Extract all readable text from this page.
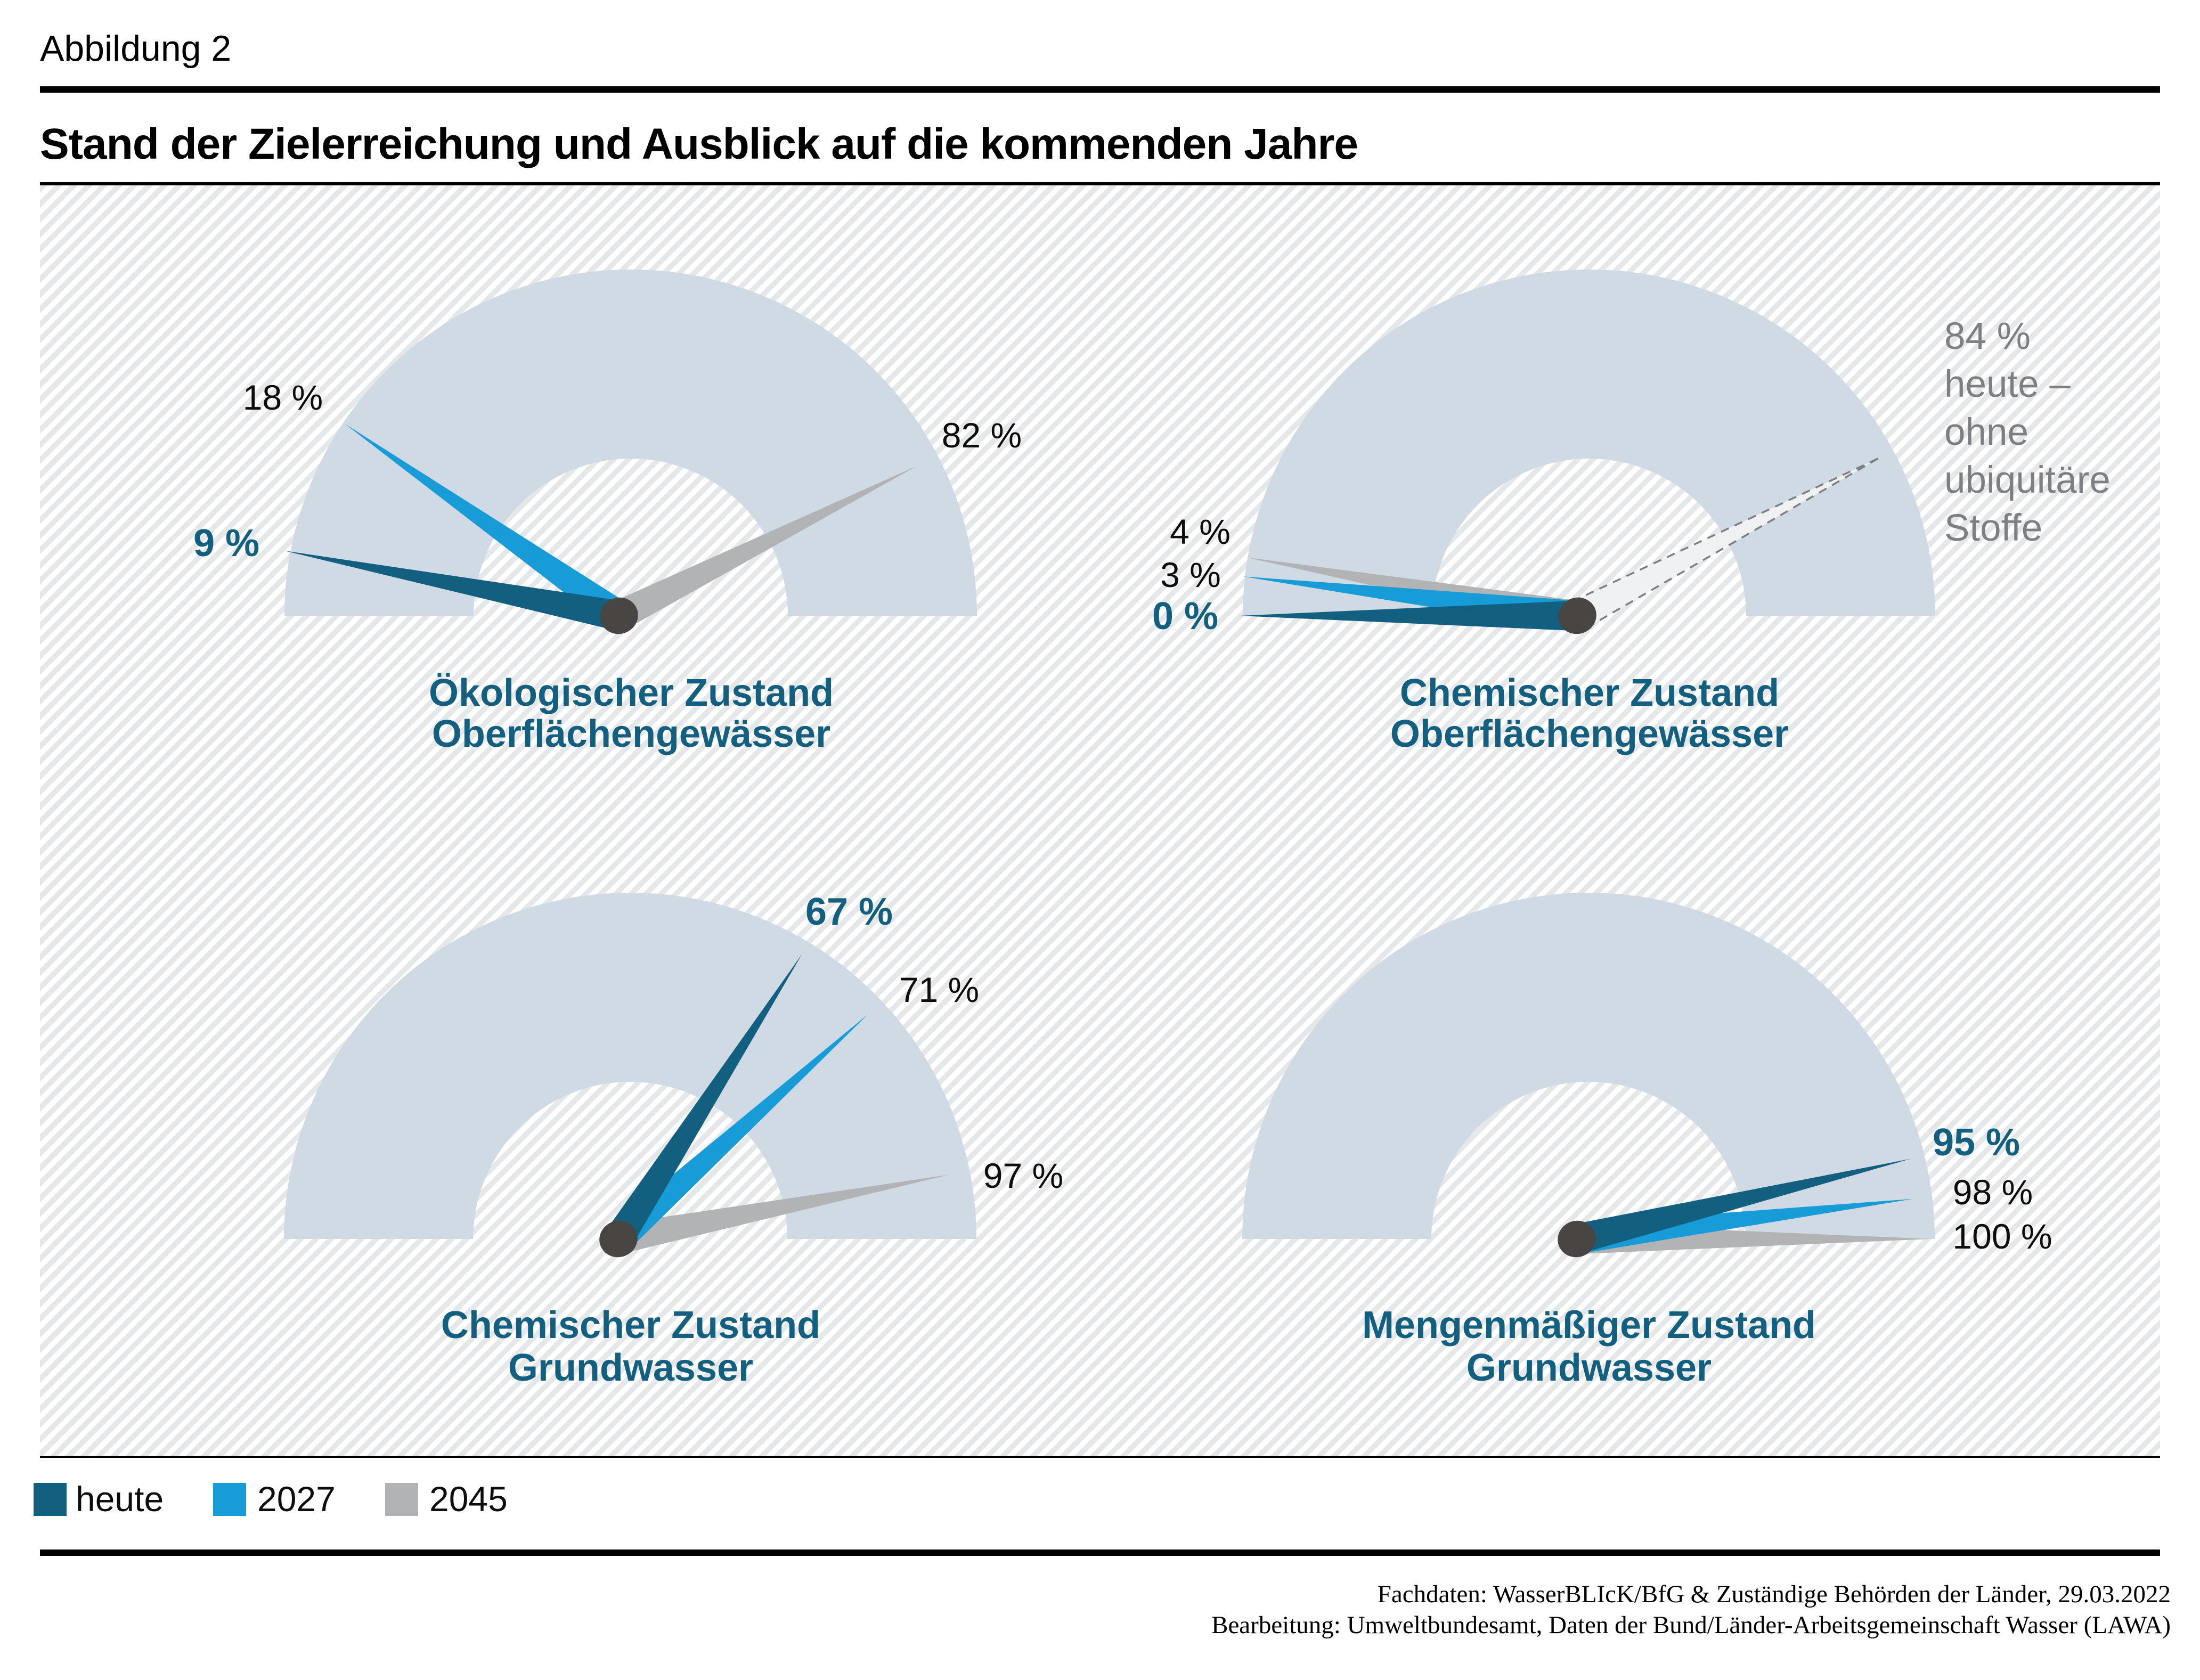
Abbildung 2
Stand der Zielerreichung und Ausblick auf die kommenden Jahre
9 %
18 %
82 %
Ökologischer Zustand
Oberflächengewässer
4 %
3 %
0 %
84 %
heute –
ohne
ubiquitäre
Stoffe
Chemischer Zustand
Oberflächengewässer
67 %
71 %
97 %
Chemischer Zustand
Grundwasser
95 %
98 %
100 %
Mengenmäßiger Zustand
Grundwasser
heute	2027	2045
Fachdaten: WasserBLIcK/BfG & Zuständige Behörden der Länder, 29.03.2022
Bearbeitung: Umweltbundesamt, Daten der Bund/Länder-Arbeitsgemeinschaft Wasser (LAWA)
